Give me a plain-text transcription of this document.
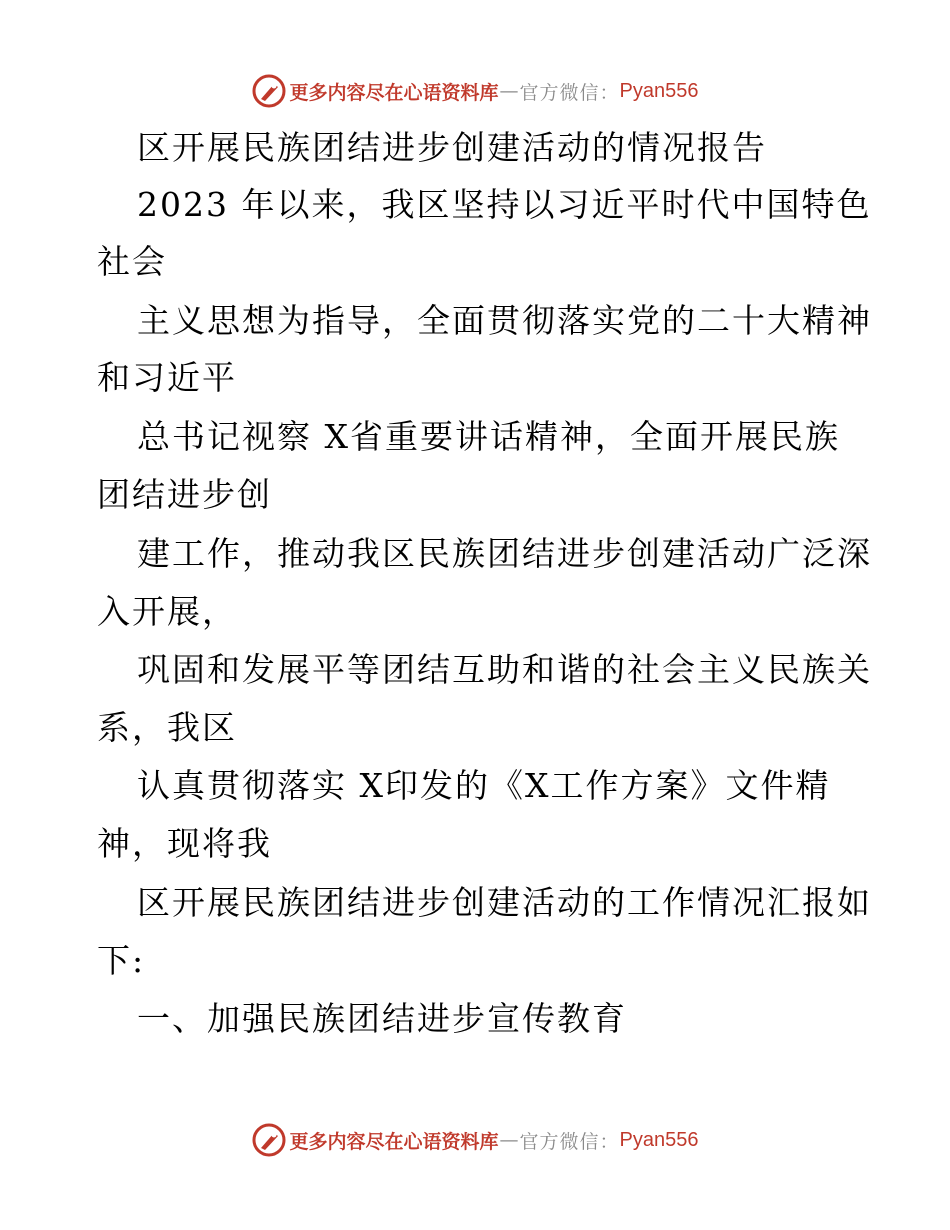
更多内容尽在心语资料库 — 官方微信： Pyan556
区开展民族团结进步创建活动的情况报告
2023 年以来，我区坚持以习近平时代中国特色
社会
主义思想为指导，全面贯彻落实党的二十大精神
和习近平
总书记视察 X省重要讲话精神，全面开展民族
团结进步创
建工作，推动我区民族团结进步创建活动广泛深
入开展，
巩固和发展平等团结互助和谐的社会主义民族关
系，我区
认真贯彻落实 X印发的《X工作方案》文件精
神，现将我
区开展民族团结进步创建活动的工作情况汇报如
下:
一、加强民族团结进步宣传教育
更多内容尽在心语资料库 — 官方微信： Pyan556
